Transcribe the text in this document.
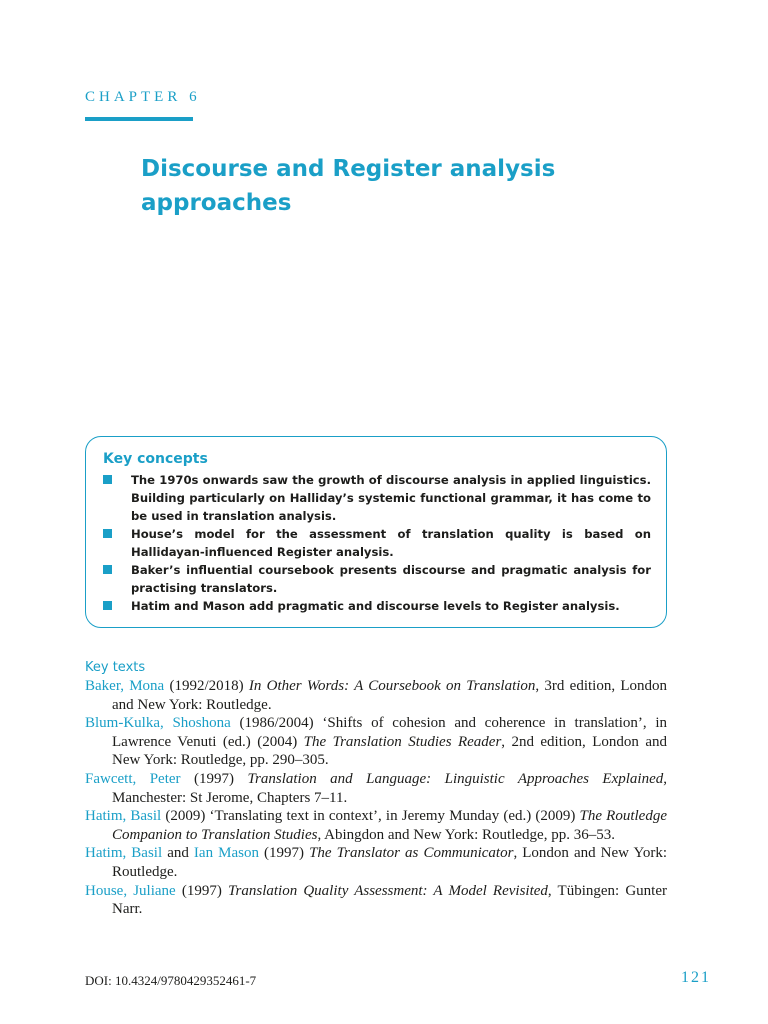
CHAPTER 6
Discourse and Register analysis approaches
Key concepts
The 1970s onwards saw the growth of discourse analysis in applied linguistics. Building particularly on Halliday’s systemic functional grammar, it has come to be used in translation analysis.
House’s model for the assessment of translation quality is based on Hallidayan-influenced Register analysis.
Baker’s influential coursebook presents discourse and pragmatic analysis for practising translators.
Hatim and Mason add pragmatic and discourse levels to Register analysis.
Key texts
Baker, Mona (1992/2018) In Other Words: A Coursebook on Translation, 3rd edition, London and New York: Routledge.
Blum-Kulka, Shoshona (1986/2004) ‘Shifts of cohesion and coherence in translation’, in Lawrence Venuti (ed.) (2004) The Translation Studies Reader, 2nd edition, London and New York: Routledge, pp. 290–305.
Fawcett, Peter (1997) Translation and Language: Linguistic Approaches Explained, Manchester: St Jerome, Chapters 7–11.
Hatim, Basil (2009) ‘Translating text in context’, in Jeremy Munday (ed.) (2009) The Routledge Companion to Translation Studies, Abingdon and New York: Routledge, pp. 36–53.
Hatim, Basil and Ian Mason (1997) The Translator as Communicator, London and New York: Routledge.
House, Juliane (1997) Translation Quality Assessment: A Model Revisited, Tübingen: Gunter Narr.
DOI: 10.4324/9780429352461-7	121
